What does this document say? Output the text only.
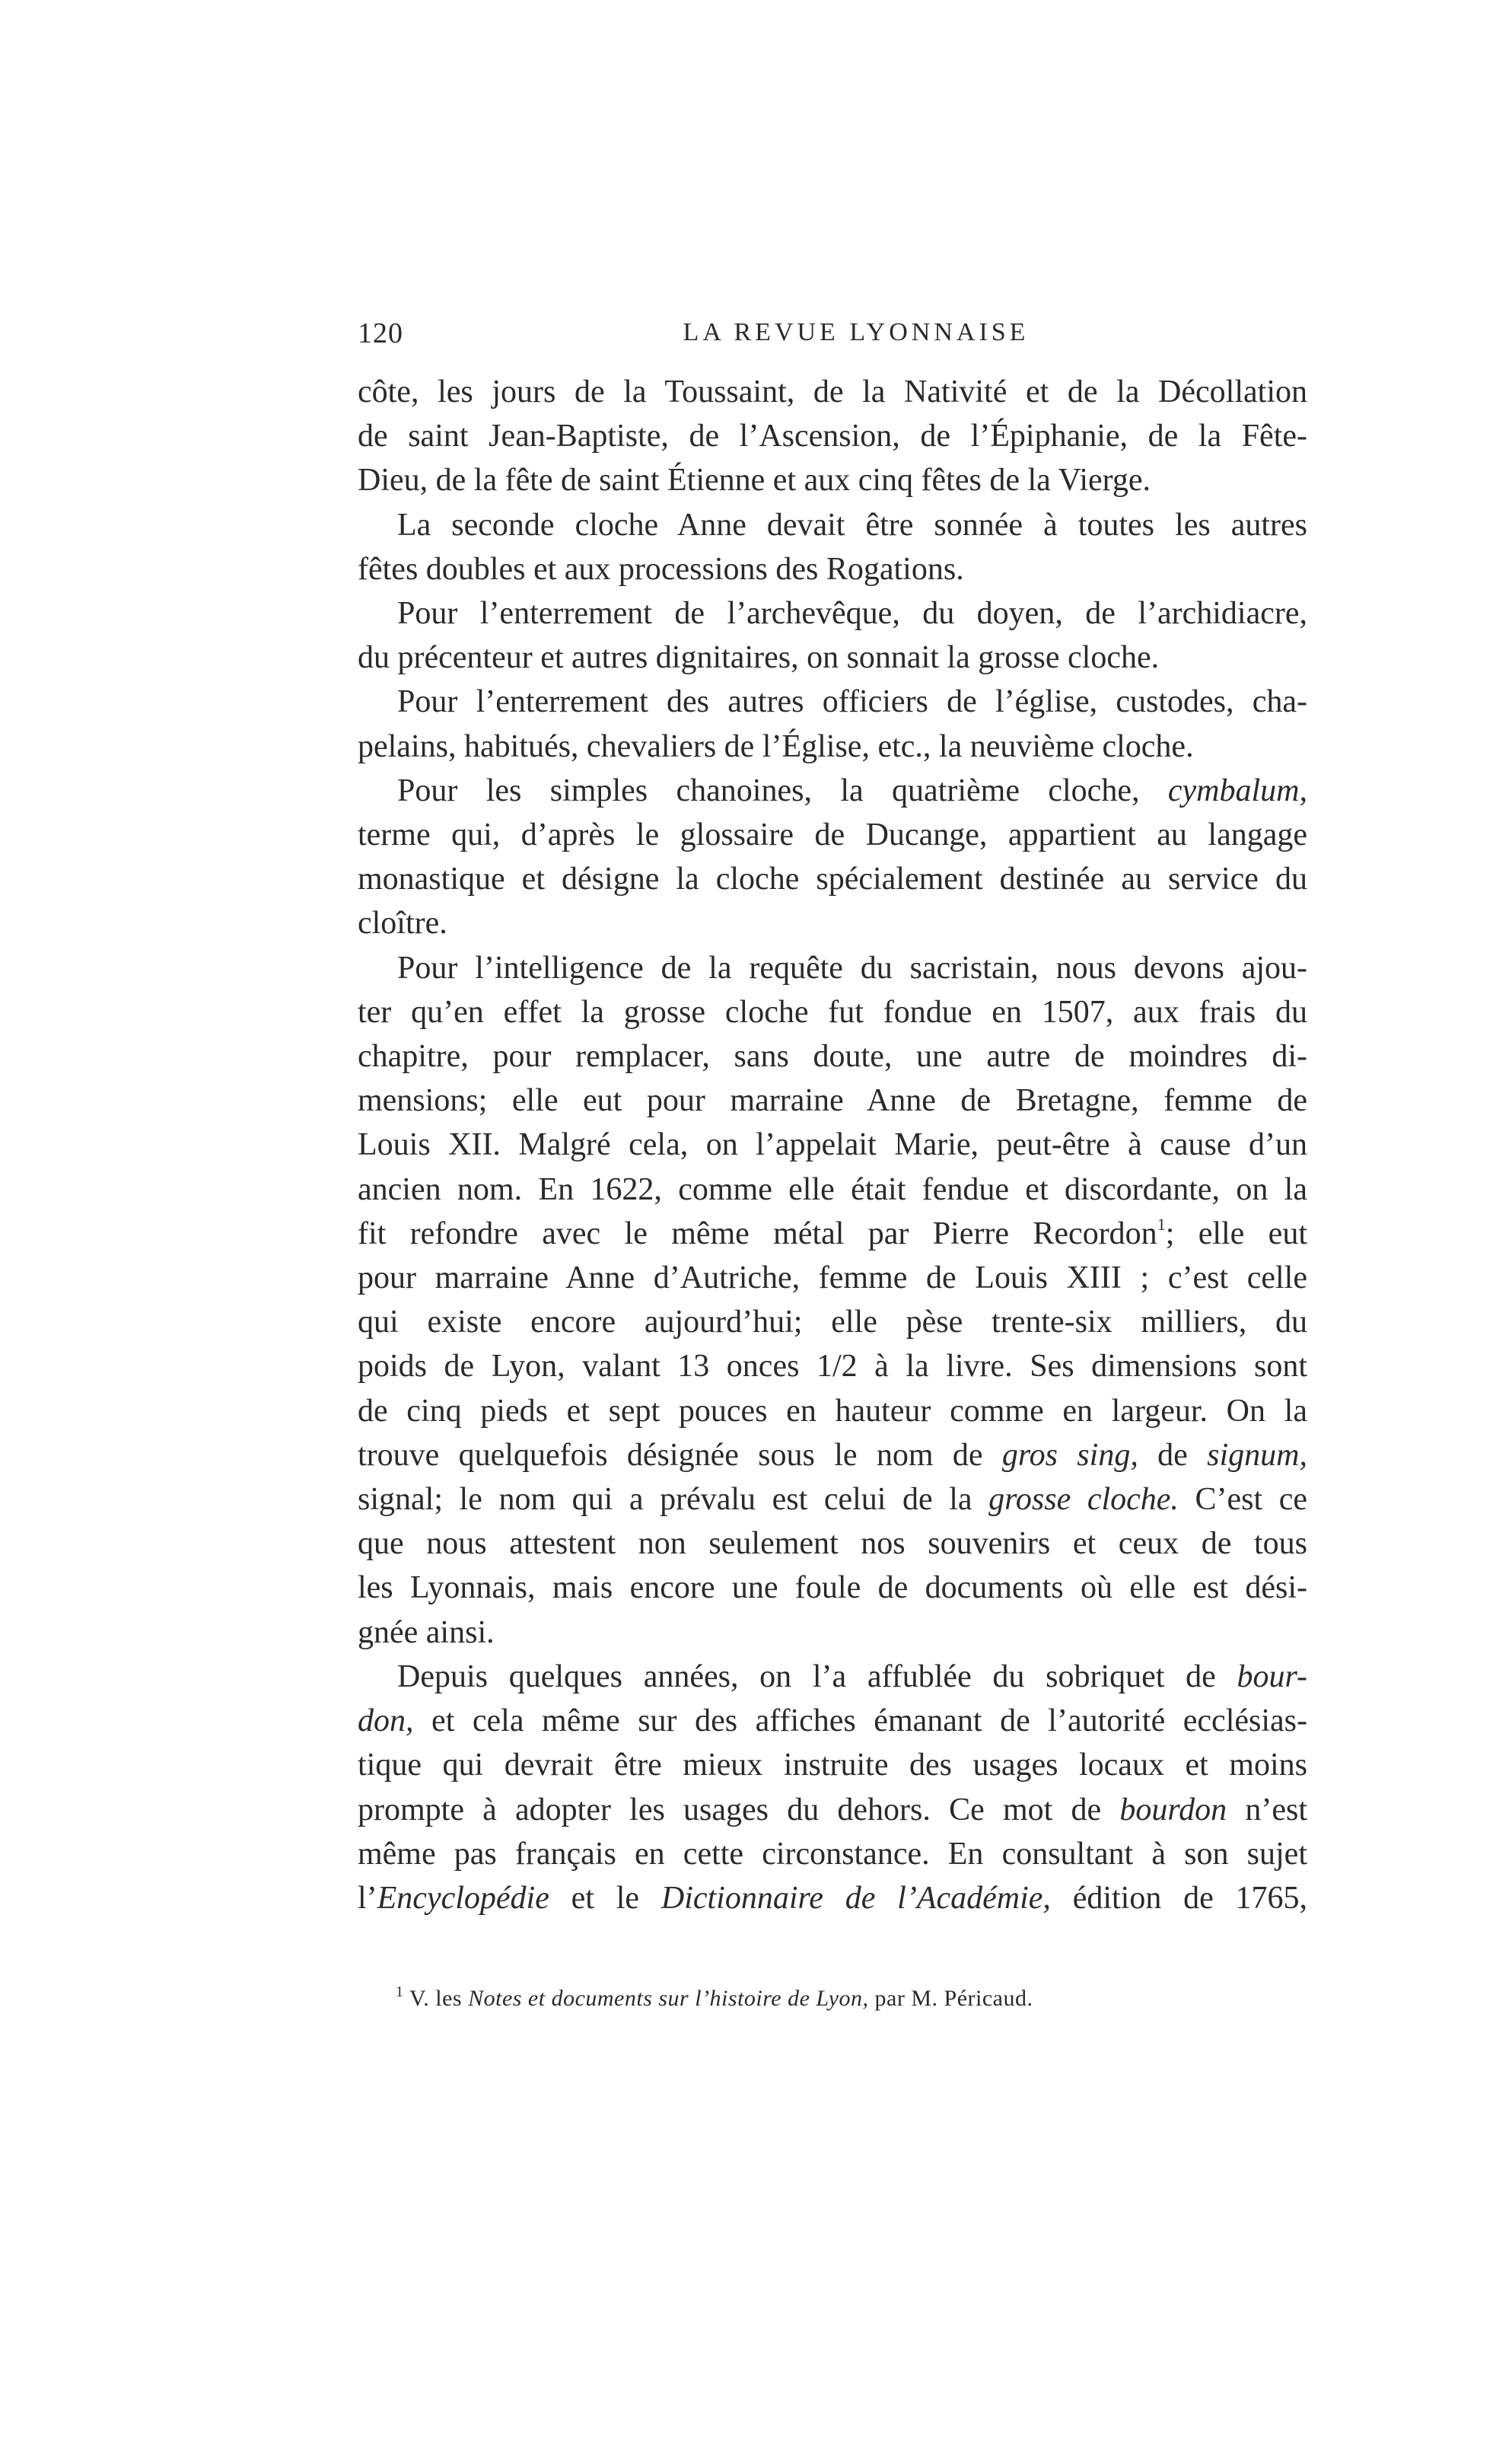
120	LA REVUE LYONNAISE

côte, les jours de la Toussaint, de la Nativité et de la Décollation
de saint Jean-Baptiste, de l’Ascension, de l’Épiphanie, de la Fête-
Dieu, de la fête de saint Étienne et aux cinq fêtes de la Vierge.

La seconde cloche Anne devait être sonnée à toutes les autres
fêtes doubles et aux processions des Rogations.

Pour l’enterrement de l’archevêque, du doyen, de l’archidiacre,
du précenteur et autres dignitaires, on sonnait la grosse cloche.

Pour l’enterrement des autres officiers de l’église, custodes, cha-
pelains, habitués, chevaliers de l’Église, etc., la neuvième cloche.

Pour les simples chanoines, la quatrième cloche, cymbalum,
terme qui, d’après le glossaire de Ducange, appartient au langage
monastique et désigne la cloche spécialement destinée au service du
cloître.

Pour l’intelligence de la requête du sacristain, nous devons ajou-
ter qu’en effet la grosse cloche fut fondue en 1507, aux frais du
chapitre, pour remplacer, sans doute, une autre de moindres di-
mensions; elle eut pour marraine Anne de Bretagne, femme de
Louis XII. Malgré cela, on l’appelait Marie, peut-être à cause d’un
ancien nom. En 1622, comme elle était fendue et discordante, on la
fit refondre avec le même métal par Pierre Recordon$^1$; elle eut
pour marraine Anne d’Autriche, femme de Louis XIII ; c’est celle
qui existe encore aujourd’hui; elle pèse trente-six milliers, du
poids de Lyon, valant 13 onces 1/2 à la livre. Ses dimensions sont
de cinq pieds et sept pouces en hauteur comme en largeur. On la
trouve quelquefois désignée sous le nom de gros sing, de signum,
signal; le nom qui a prévalu est celui de la grosse cloche. C’est ce
que nous attestent non seulement nos souvenirs et ceux de tous
les Lyonnais, mais encore une foule de documents où elle est dési-
gnée ainsi.

Depuis quelques années, on l’a affublée du sobriquet de bour-
don, et cela même sur des affiches émanant de l’autorité ecclésias-
tique qui devrait être mieux instruite des usages locaux et moins
prompte à adopter les usages du dehors. Ce mot de bourdon n’est
même pas français en cette circonstance. En consultant à son sujet
l’Encyclopédie et le Dictionnaire de l’Académie, édition de 1765,

$^1$ V. les Notes et documents sur l’histoire de Lyon, par M. Péricaud.
